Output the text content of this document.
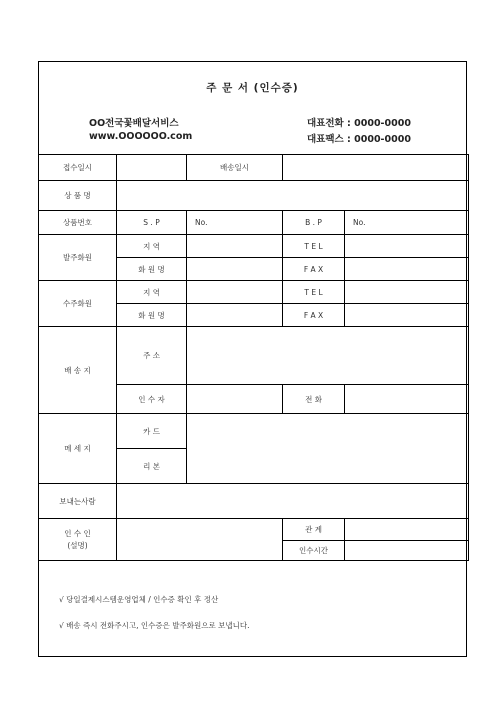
주 문 서 (인수증)
OO전국꽃배달서비스
www.OOOOOO.com
대표전화 : 0000-0000
대표팩스 : 0000-0000
접수일시		배송일시		
상 품 명				
상품번호	S . P	No.	B . P	No.
발주화원	지 역		T E L	
	화 원 명		F A X	
수주화원	지 역		T E L	
	화 원 명		F A X	
배 송 지	주 소			
	인 수 자		전 화	
메 세 지	카 드			
	리 본			
보내는사람				

인 수 인
(설명)			관 계	
			인수시간	
√ 당일결제시스템운영업체 / 인수증 확인 후 정산
√ 배송 즉시 전화주시고, 인수증은 발주화원으로 보냅니다.
